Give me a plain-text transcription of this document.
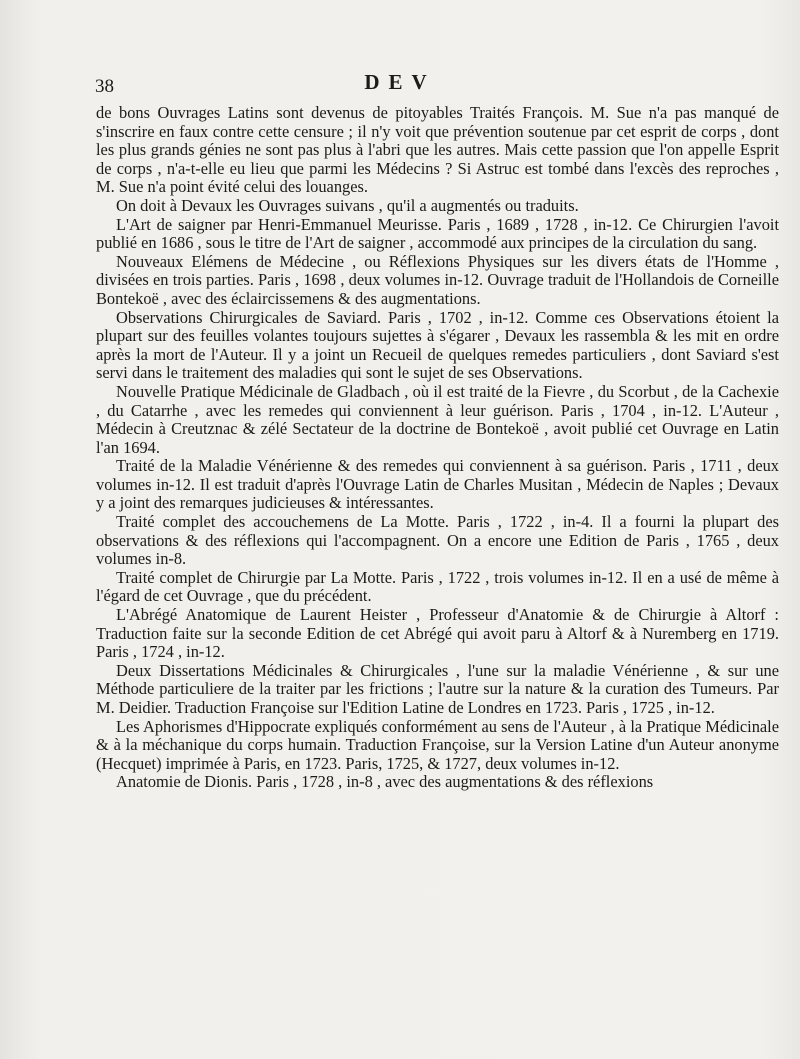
38	DEV

de bons Ouvrages Latins sont devenus de pitoyables Traités François. M. Sue n'a pas manqué de s'inscrire en faux contre cette censure ; il n'y voit que prévention soutenue par cet esprit de corps , dont les plus grands génies ne sont pas plus à l'abri que les autres. Mais cette passion que l'on appelle Esprit de corps , n'a-t-elle eu lieu que parmi les Médecins ? Si Astruc est tombé dans l'excès des reproches , M. Sue n'a point évité celui des louanges.

On doit à Devaux les Ouvrages suivans , qu'il a augmentés ou traduits.

L'Art de saigner par Henri-Emmanuel Meurisse. Paris , 1689 , 1728 , in-12. Ce Chirurgien l'avoit publié en 1686 , sous le titre de l'Art de saigner , accommodé aux principes de la circulation du sang.

Nouveaux Elémens de Médecine , ou Réflexions Physiques sur les divers états de l'Homme , divisées en trois parties. Paris , 1698 , deux volumes in-12. Ouvrage traduit de l'Hollandois de Corneille Bontekoë , avec des éclaircissemens & des augmentations.

Observations Chirurgicales de Saviard. Paris , 1702 , in-12. Comme ces Observations étoient la plupart sur des feuilles volantes toujours sujettes à s'égarer , Devaux les rassembla & les mit en ordre après la mort de l'Auteur. Il y a joint un Recueil de quelques remedes particuliers , dont Saviard s'est servi dans le traitement des maladies qui sont le sujet de ses Observations.

Nouvelle Pratique Médicinale de Gladbach , où il est traité de la Fievre , du Scorbut , de la Cachexie , du Catarrhe , avec les remedes qui conviennent à leur guérison. Paris , 1704 , in-12. L'Auteur , Médecin à Creutznac & zélé Sectateur de la doctrine de Bontekoë , avoit publié cet Ouvrage en Latin l'an 1694.

Traité de la Maladie Vénérienne & des remedes qui conviennent à sa guérison. Paris , 1711 , deux volumes in-12. Il est traduit d'après l'Ouvrage Latin de Charles Musitan , Médecin de Naples ; Devaux y a joint des remarques judicieuses & intéressantes.

Traité complet des accouchemens de La Motte. Paris , 1722 , in-4. Il a fourni la plupart des observations & des réflexions qui l'accompagnent. On a encore une Edition de Paris , 1765 , deux volumes in-8.

Traité complet de Chirurgie par La Motte. Paris , 1722 , trois volumes in-12. Il en a usé de même à l'égard de cet Ouvrage , que du précédent.

L'Abrégé Anatomique de Laurent Heister , Professeur d'Anatomie & de Chirurgie à Altorf : Traduction faite sur la seconde Edition de cet Abrégé qui avoit paru à Altorf & à Nuremberg en 1719. Paris , 1724 , in-12.

Deux Dissertations Médicinales & Chirurgicales , l'une sur la maladie Vénérienne , & sur une Méthode particuliere de la traiter par les frictions ; l'autre sur la nature & la curation des Tumeurs. Par M. Deidier. Traduction Françoise sur l'Edition Latine de Londres en 1723. Paris , 1725 , in-12.

Les Aphorismes d'Hippocrate expliqués conformément au sens de l'Auteur , à la Pratique Médicinale & à la méchanique du corps humain. Traduction Françoise, sur la Version Latine d'un Auteur anonyme (Hecquet) imprimée à Paris, en 1723. Paris, 1725, & 1727, deux volumes in-12.

Anatomie de Dionis. Paris , 1728 , in-8 , avec des augmentations & des réflexions
